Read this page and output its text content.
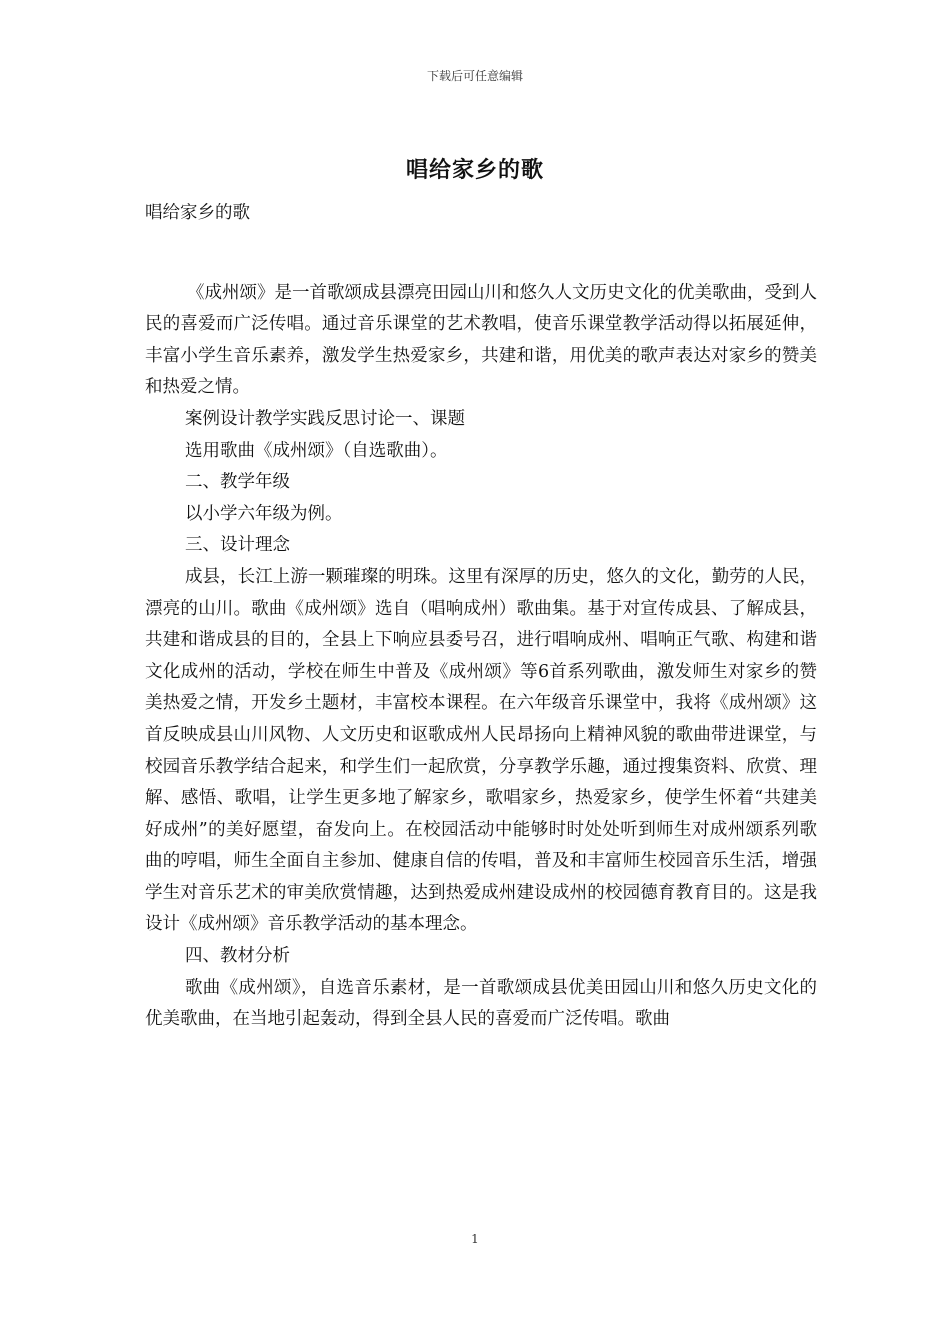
下载后可任意编辑
唱给家乡的歌

唱给家乡的歌

《成州颂》是一首歌颂成县漂亮田园山川和悠久人文历史文化的优美歌曲，受到人民的喜爱而广泛传唱。通过音乐课堂的艺术教唱，使音乐课堂教学活动得以拓展延伸，丰富小学生音乐素养，激发学生热爱家乡，共建和谐，用优美的歌声表达对家乡的赞美和热爱之情。

案例设计教学实践反思讨论一、课题

选用歌曲《成州颂》（自选歌曲）。

二、教学年级

以小学六年级为例。

三、设计理念

成县，长江上游一颗璀璨的明珠。这里有深厚的历史，悠久的文化，勤劳的人民，漂亮的山川。歌曲《成州颂》选自（唱响成州）歌曲集。基于对宣传成县、了解成县，共建和谐成县的目的，全县上下响应县委号召，进行唱响成州、唱响正气歌、构建和谐文化成州的活动，学校在师生中普及《成州颂》等6首系列歌曲，激发师生对家乡的赞美热爱之情，开发乡土题材，丰富校本课程。在六年级音乐课堂中，我将《成州颂》这首反映成县山川风物、人文历史和讴歌成州人民昂扬向上精神风貌的歌曲带进课堂，与校园音乐教学结合起来，和学生们一起欣赏，分享教学乐趣，通过搜集资料、欣赏、理解、感悟、歌唱，让学生更多地了解家乡，歌唱家乡，热爱家乡，使学生怀着“共建美好成州”的美好愿望，奋发向上。在校园活动中能够时时处处听到师生对成州颂系列歌曲的哼唱，师生全面自主参加、健康自信的传唱，普及和丰富师生校园音乐生活，增强学生对音乐艺术的审美欣赏情趣，达到热爱成州建设成州的校园德育教育目的。这是我设计《成州颂》音乐教学活动的基本理念。

四、教材分析

歌曲《成州颂》，自选音乐素材，是一首歌颂成县优美田园山川和悠久历史文化的优美歌曲，在当地引起轰动，得到全县人民的喜爱而广泛传唱。歌曲

1
